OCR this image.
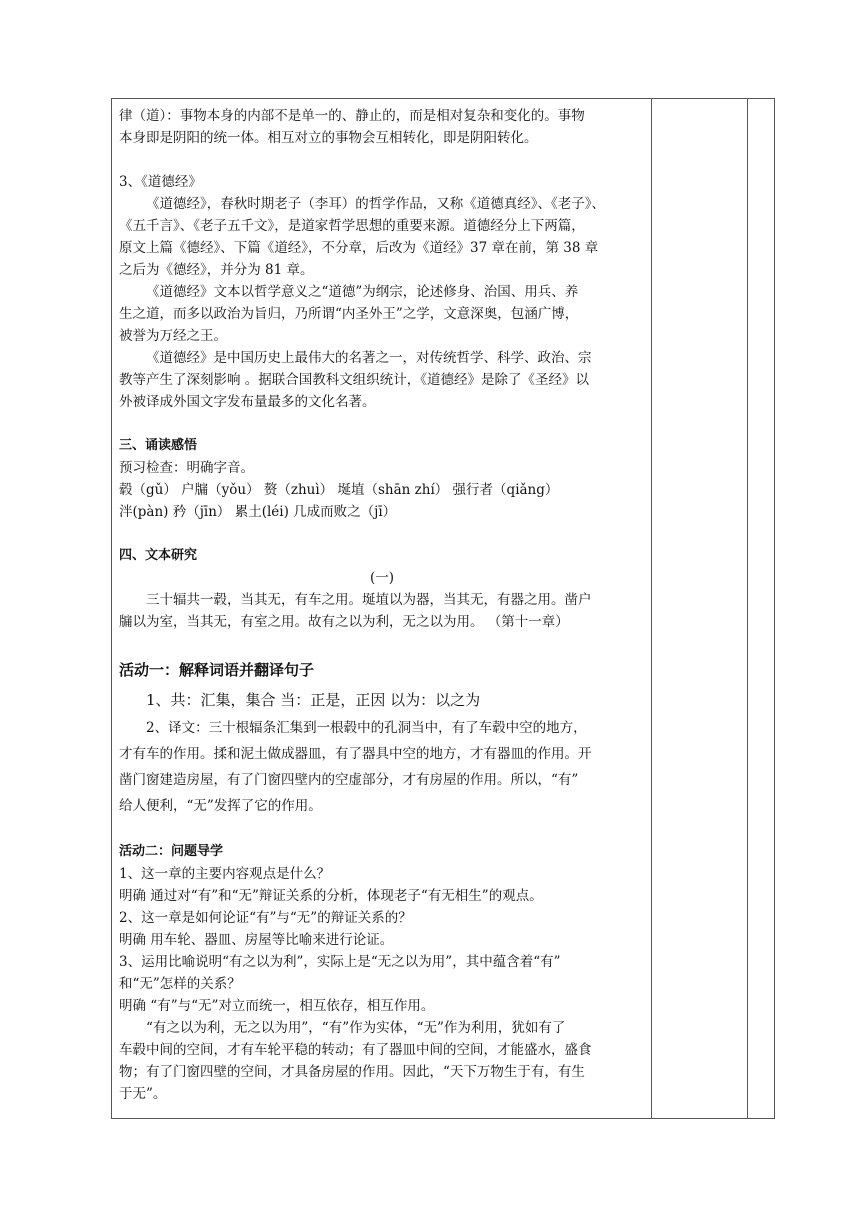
律（道）：事物本身的内部不是单一的、静止的，而是相对复杂和变化的。事物

本身即是阴阳的统一体。相互对立的事物会互相转化，即是阴阳转化。

3、《道德经》

《道德经》，春秋时期老子（李耳）的哲学作品，又称《道德真经》、《老子》、

《五千言》、《老子五千文》，是道家哲学思想的重要来源。道德经分上下两篇，

原文上篇《德经》、下篇《道经》，不分章，后改为《道经》37 章在前，第 38 章

之后为《德经》，并分为 81 章。

《道德经》文本以哲学意义之“道德”为纲宗，论述修身、治国、用兵、养

生之道，而多以政治为旨归，乃所谓“内圣外王”之学，文意深奥，包涵广博，

被誉为万经之王。

《道德经》是中国历史上最伟大的名著之一，对传统哲学、科学、政治、宗

教等产生了深刻影响 。据联合国教科文组织统计，《道德经》是除了《圣经》以

外被译成外国文字发布量最多的文化名著。

三、诵读感悟

预习检查：明确字音。

毂（gǔ） 户牖（yǒu） 赘（zhuì） 埏埴（shān zhí） 强行者（qiǎng）

泮(pàn) 矜（jīn） 累土(léi) 几成而败之（jī）

四、文本研究

(一)

三十辐共一毂，当其无，有车之用。埏埴以为器，当其无，有器之用。凿户

牖以为室，当其无，有室之用。故有之以为利，无之以为用。 （第十一章）

活动一：解释词语并翻译句子

1、共：汇集，集合 当：正是，正因 以为：以之为

2、译文：三十根辐条汇集到一根毂中的孔洞当中，有了车毂中空的地方，

才有车的作用。揉和泥土做成器皿，有了器具中空的地方，才有器皿的作用。开

凿门窗建造房屋，有了门窗四壁内的空虚部分，才有房屋的作用。所以，“有”

给人便利，“无”发挥了它的作用。

活动二：问题导学

1、这一章的主要内容观点是什么？

明确 通过对“有”和“无”辩证关系的分析，体现老子“有无相生”的观点。

2、这一章是如何论证“有”与“无”的辩证关系的？

明确 用车轮、器皿、房屋等比喻来进行论证。

3、运用比喻说明“有之以为利”，实际上是“无之以为用”，其中蕴含着“有”

和“无”怎样的关系？

明确 “有”与“无”对立而统一，相互依存，相互作用。

“有之以为利，无之以为用”，“有”作为实体，“无”作为利用，犹如有了

车毂中间的空间，才有车轮平稳的转动；有了器皿中间的空间，才能盛水，盛食

物；有了门窗四壁的空间，才具备房屋的作用。因此，“天下万物生于有，有生

于无”。
